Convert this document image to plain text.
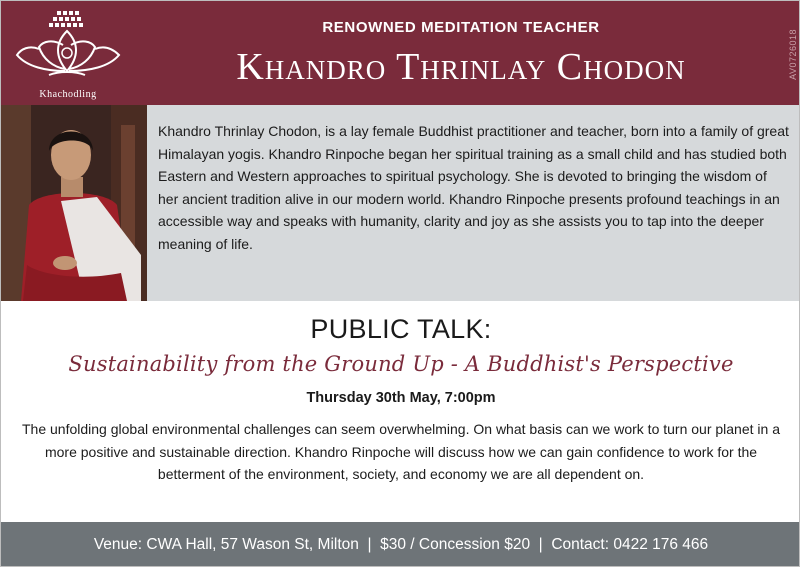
Khachodling
RENOWNED MEDITATION TEACHER
Khandro Thrinlay Chodon	AV0726018
Khandro Thrinlay Chodon, is a lay female Buddhist practitioner and teacher, born into a family of great Himalayan yogis. Khandro Rinpoche began her spiritual training as a small child and has studied both Eastern and Western approaches to spiritual psychology. She is devoted to bringing the wisdom of her ancient tradition alive in our modern world. Khandro Rinpoche presents profound teachings in an accessible way and speaks with humanity, clarity and joy as she assists you to tap into the deeper meaning of life.
PUBLIC TALK:
Sustainability from the Ground Up - A Buddhist's Perspective
Thursday 30th May, 7:00pm
The unfolding global environmental challenges can seem overwhelming. On what basis can we work to turn our planet in a more positive and sustainable direction. Khandro Rinpoche will discuss how we can gain confidence to work for the betterment of the environment, society, and economy we are all dependent on.
Venue: CWA Hall, 57 Wason St, Milton  |  $30 / Concession $20  |  Contact: 0422 176 466
